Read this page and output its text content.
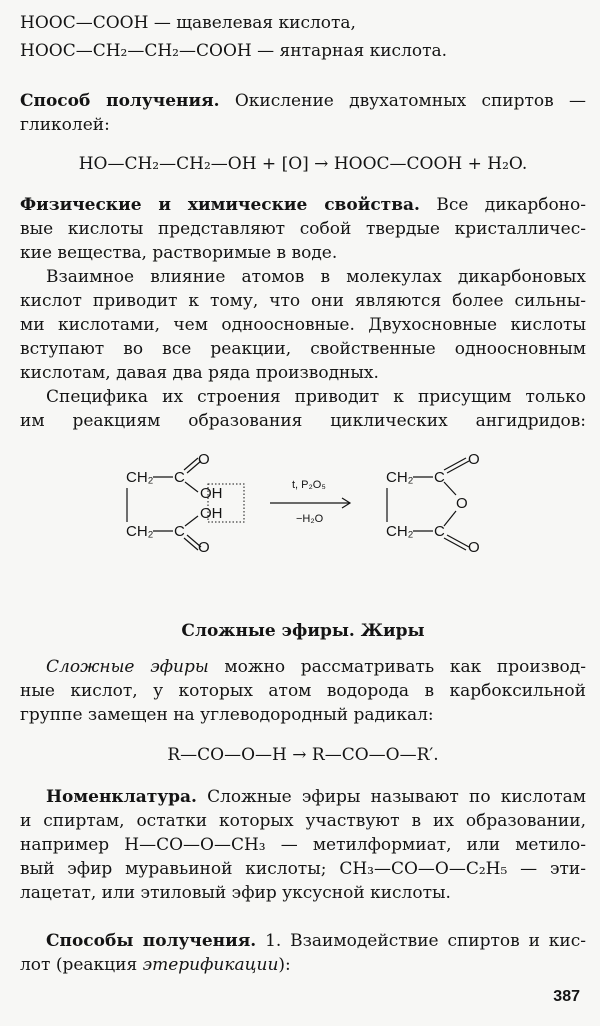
HOOC—COOH — щавелевая кислота,
HOOC—CH₂—CH₂—COOH — янтарная кислота.
Способ получения. Окисление двухатомных спиртов —
гликолей:
HO—CH₂—CH₂—OH + [O] → HOOC—COOH + H₂O.
Физические и химические свойства. Все дикарбоно-
вые кислоты представляют собой твердые кристалличес-
кие вещества, растворимые в воде.
Взаимное влияние атомов в молекулах дикарбоновых
кислот приводит к тому, что они являются более сильны-
ми кислотами, чем одноосновные. Двухосновные кислоты
вступают во все реакции, свойственные одноосновным
кислотам, давая два ряда производных.
Специфика их строения приводит к присущим только
им реакциям образования циклических ангидридов:
CH₂ C
O
OH
OH
CH₂ C
O
t, P₂O₅
−H₂O
CH₂ C
O
O
CH₂ C
O
Сложные эфиры. Жиры
Сложные эфиры можно рассматривать как производ-
ные кислот, у которых атом водорода в карбоксильной
группе замещен на углеводородный радикал:
R—CO—O—H → R—CO—O—R′.
Номенклатура. Сложные эфиры называют по кислотам
и спиртам, остатки которых участвуют в их образовании,
например H—CO—O—CH₃ — метилформиат, или метило-
вый эфир муравьиной кислоты; CH₃—CO—O—C₂H₅ — эти-
лацетат, или этиловый эфир уксусной кислоты.
Способы получения. 1. Взаимодействие спиртов и кис-
лот (реакция этерификации):
387
